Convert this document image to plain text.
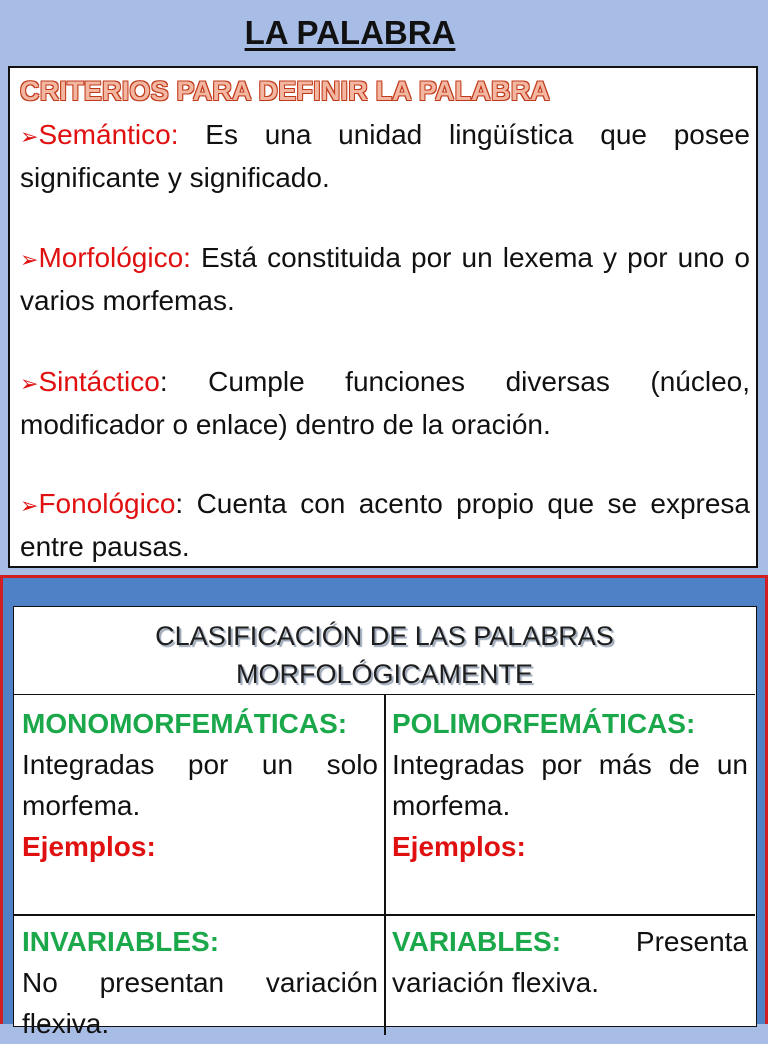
LA PALABRA
CRITERIOS PARA DEFINIR LA PALABRA
➢Semántico: Es una unidad lingüística que posee significante y significado.
➢Morfológico: Está constituida por un lexema y por uno o varios morfemas.
➢Sintáctico: Cumple funciones diversas (núcleo, modificador o enlace) dentro de la oración.
➢Fonológico: Cuenta con acento propio que se expresa entre pausas.
CLASIFICACIÓN DE LAS PALABRAS
MORFOLÓGICAMENTE
MONOMORFEMÁTICAS:
Integradas por un solo morfema.
Ejemplos:
POLIMORFEMÁTICAS:
Integradas por más de un morfema.
Ejemplos:
INVARIABLES:
No presentan variación flexiva.
VARIABLES: Presenta variación flexiva.
